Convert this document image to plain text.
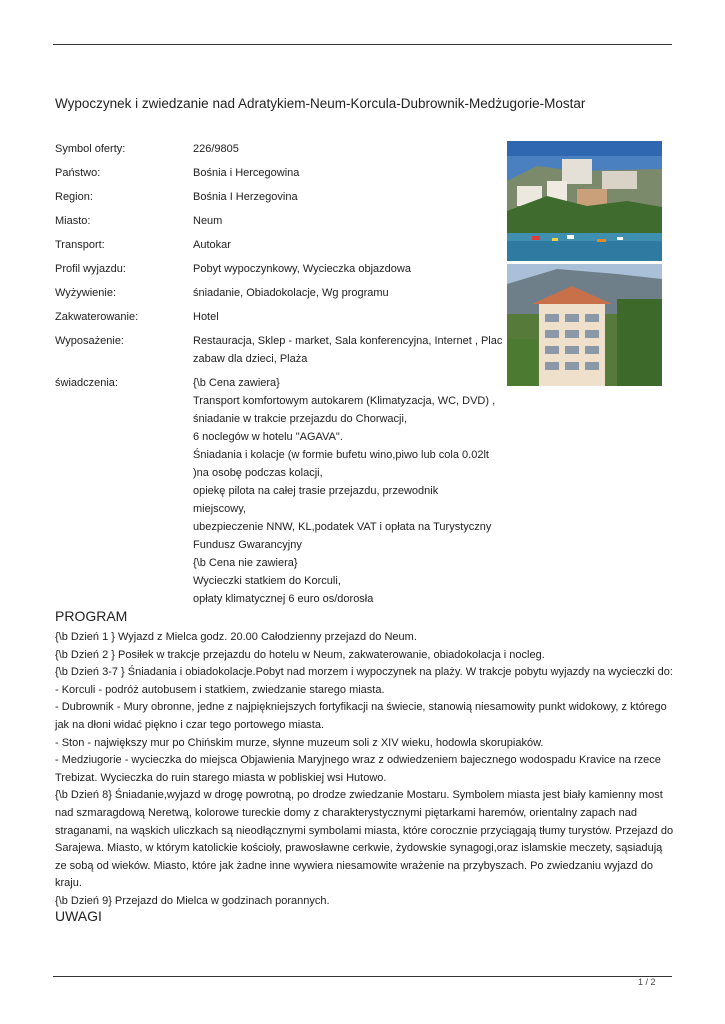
Wypoczynek i zwiedzanie nad Adratykiem-Neum-Korcula-Dubrownik-Medżugorie-Mostar
Symbol oferty:	226/9805
Państwo:	Bośnia i Hercegowina
Region:	Bośnia I Herzegovina
Miasto:	Neum
Transport:	Autokar
Profil wyjazdu:	Pobyt wypoczynkowy, Wycieczka objazdowa
Wyżywienie:	śniadanie, Obiadokolacje, Wg programu
Zakwaterowanie:	Hotel
Wyposażenie:	Restauracja, Sklep - market, Sala konferencyjna, Internet , Plac
zabaw dla dzieci, Plaża
świadczenia:	{\b Cena zawiera}
Transport komfortowym autokarem (Klimatyzacja, WC, DVD) ,
śniadanie w trakcie przejazdu do Chorwacji,
6 noclegów w hotelu "AGAVA".
Śniadania i kolacje (w formie bufetu wino,piwo lub cola 0.02lt
)na osobę podczas kolacji,
opiekę pilota na całej trasie przejazdu, przewodnik
miejscowy,
ubezpieczenie NNW, KL,podatek VAT i opłata na Turystyczny
Fundusz Gwarancyjny
{\b Cena nie zawiera}
Wycieczki statkiem do Korculi,
opłaty klimatycznej 6 euro os/dorosła
PROGRAM
{\b Dzień 1 } Wyjazd z Mielca godz. 20.00 Całodzienny przejazd do Neum.
{\b Dzień 2 } Posiłek w trakcje przejazdu do hotelu w Neum, zakwaterowanie, obiadokolacja i nocleg.
{\b Dzień 3-7 } Śniadania i obiadokolacje.Pobyt nad morzem i wypoczynek na plaży. W trakcje pobytu wyjazdy na wycieczki do:
- Korculi - podróż autobusem i statkiem, zwiedzanie starego miasta.
- Dubrownik - Mury obronne, jedne z najpiękniejszych fortyfikacji na świecie, stanowią niesamowity punkt widokowy, z którego
jak na dłoni widać piękno i czar tego portowego miasta.
- Ston - największy mur po Chińskim murze, słynne muzeum soli z XIV wieku, hodowla skorupiaków.
- Medziugorie - wycieczka do miejsca Objawienia Maryjnego wraz z odwiedzeniem bajecznego wodospadu Kravice na rzece
Trebizat. Wycieczka do ruin starego miasta w pobliskiej wsi Hutowo.
{\b Dzień 8} Śniadanie,wyjazd w drogę powrotną, po drodze zwiedzanie Mostaru. Symbolem miasta jest biały kamienny most
nad szmaragdową Neretwą, kolorowe tureckie domy z charakterystycznymi piętarkami haremów, orientalny zapach nad
straganami, na wąskich uliczkach są nieodłącznymi symbolami miasta, które corocznie przyciągają tłumy turystów. Przejazd do
Sarajewa. Miasto, w którym katolickie kościoły, prawosławne cerkwie, żydowskie synagogi,oraz islamskie meczety, sąsiadują
ze sobą od wieków. Miasto, które jak żadne inne wywiera niesamowite wrażenie na przybyszach. Po zwiedzaniu wyjazd do
kraju.
{\b Dzień 9} Przejazd do Mielca w godzinach porannych.
UWAGI
1 / 2
